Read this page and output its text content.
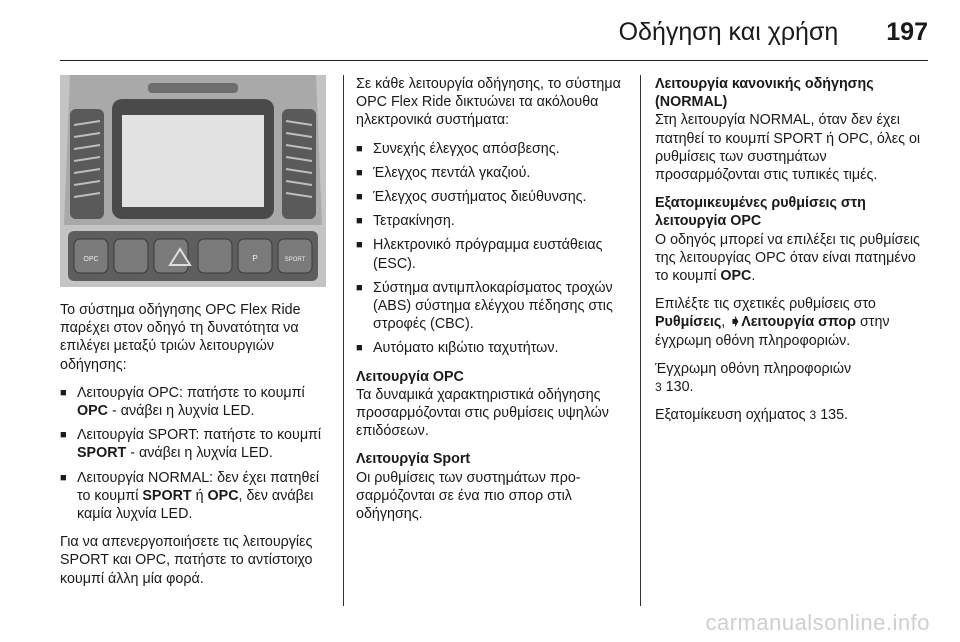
Οδήγηση και χρήση 197
OPC	P	SPORT

Το σύστημα οδήγησης OPC Flex Ride παρέχει στον οδηγό τη δυνατότητα να επιλέγει μεταξύ τριών λειτουργιών οδήγησης:

■ Λειτουργία OPC: πατήστε το κουμπί OPC - ανάβει η λυχνία LED.
■ Λειτουργία SPORT: πατήστε το κουμπί SPORT - ανάβει η λυχνία LED.
■ Λειτουργία NORMAL: δεν έχει πατηθεί το κουμπί SPORT ή OPC, δεν ανάβει καμία λυχνία LED.

Για να απενεργοποιήσετε τις λειτουργίες SPORT και OPC, πατήστε το αντίστοιχο κουμπί άλλη μία φορά.

Σε κάθε λειτουργία οδήγησης, το σύστημα OPC Flex Ride δικτυώνει τα ακόλουθα ηλεκτρονικά συστήματα:

■ Συνεχής έλεγχος απόσβεσης.
■ Έλεγχος πεντάλ γκαζιού.
■ Έλεγχος συστήματος διεύθυνσης.
■ Τετρακίνηση.
■ Ηλεκτρονικό πρόγραμμα ευστάθειας (ESC).
■ Σύστημα αντιμπλοκαρίσματος τροχών (ABS) σύστημα ελέγχου πέδησης στις στροφές (CBC).
■ Αυτόματο κιβώτιο ταχυτήτων.

Λειτουργία OPC

Τα δυναμικά χαρακτηριστικά οδήγησης προσαρμόζονται στις ρυθμίσεις υψηλών επιδόσεων.

Λειτουργία Sport

Οι ρυθμίσεις των συστημάτων προσαρμόζονται σε ένα πιο σπορ στιλ οδήγησης.

Λειτουργία κανονικής οδήγησης (NORMAL)

Στη λειτουργία NORMAL, όταν δεν έχει πατηθεί το κουμπί SPORT ή OPC, όλες οι ρυθμίσεις των συστημάτων προσαρμόζονται στις τυπικές τιμές.

Εξατομικευμένες ρυθμίσεις στη λειτουργία OPC

Ο οδηγός μπορεί να επιλέξει τις ρυθμίσεις της λειτουργίας OPC όταν είναι πατημένο το κουμπί OPC.

Επιλέξτε τις σχετικές ρυθμίσεις στο Ρυθμίσεις, ➧Λειτουργία σπορ στην έγχρωμη οθόνη πληροφοριών.

Έγχρωμη οθόνη πληροφοριών
3 130.

Εξατομίκευση οχήματος 3 135.

carmanualsonline.info
